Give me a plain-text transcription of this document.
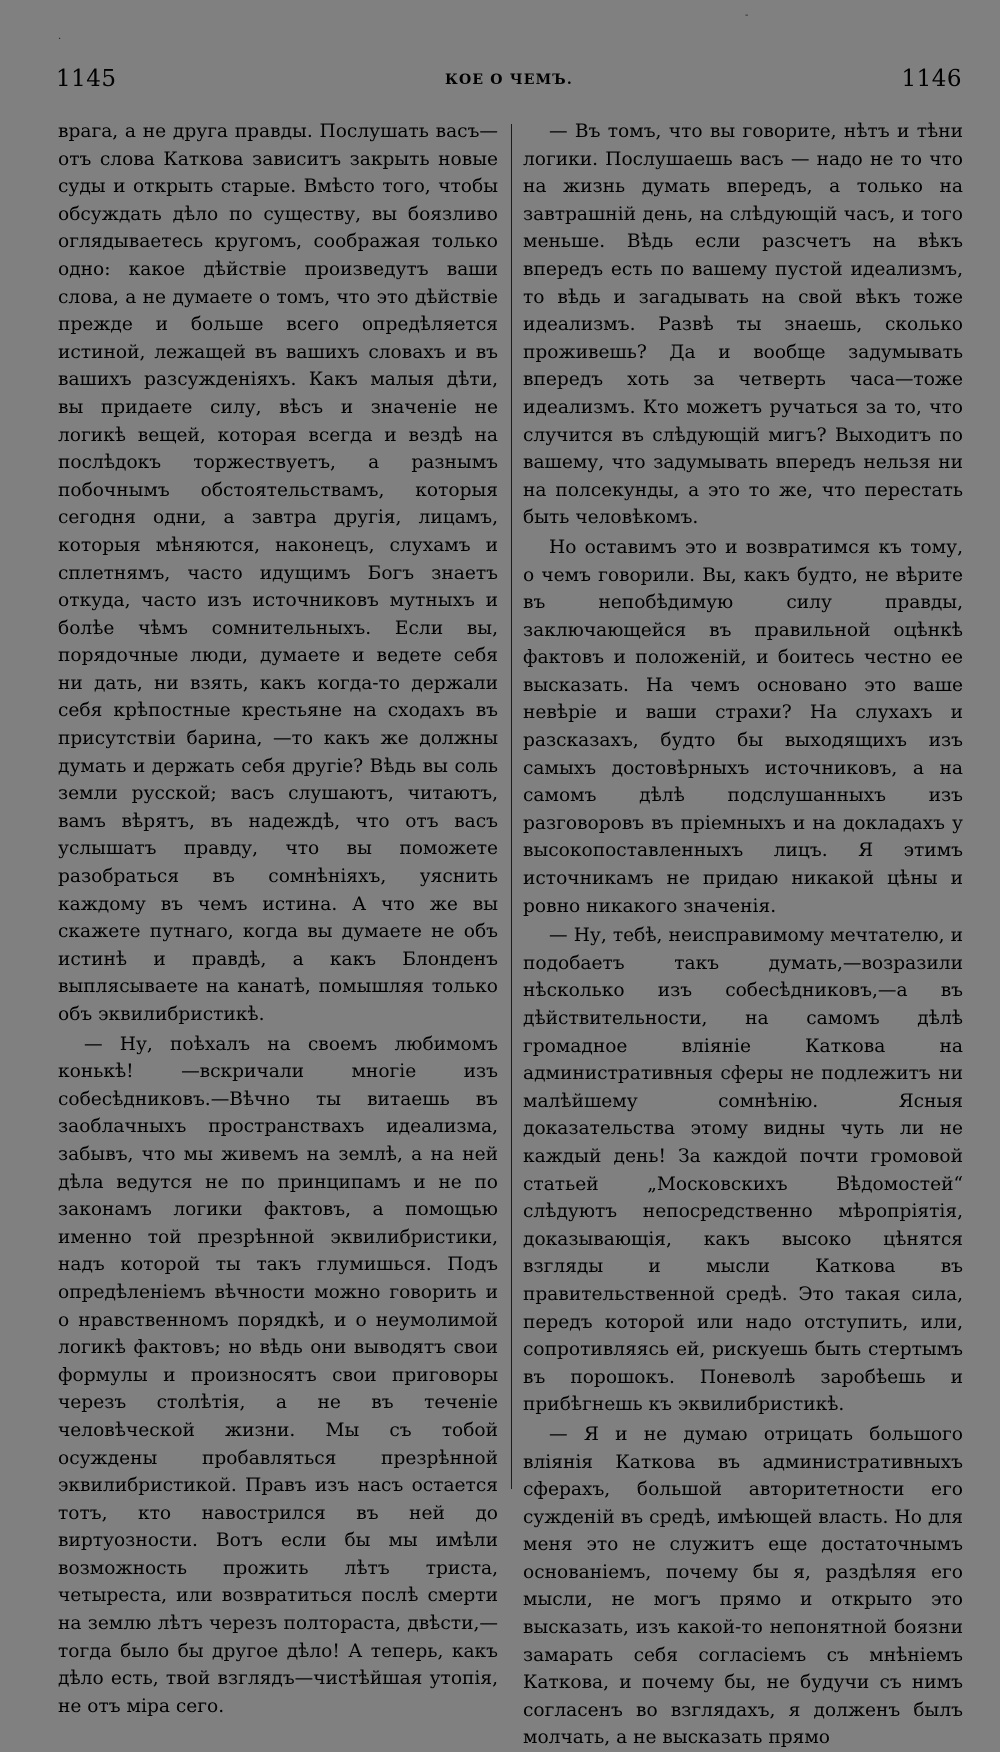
·
-
1145	КОЕ О ЧЕМЪ.	1146

врага, а не друга правды. Послушать васъ— отъ слова Каткова зависитъ закрыть новые суды и открыть старые. Вмѣсто того, чтобы обсуждать дѣло по существу, вы боязливо оглядываетесь кругомъ, соображая только одно: какое дѣйствіе произведутъ ваши слова, а не думаете о томъ, что это дѣйствіе прежде и больше всего опредѣляется истиной, лежащей въ вашихъ словахъ и въ вашихъ разсужденіяхъ. Какъ малыя дѣти, вы придаете силу, вѣсъ и значеніе не логикѣ вещей, которая всегда и вездѣ на послѣдокъ торжествуетъ, а разнымъ побочнымъ обстоятельствамъ, которыя сегодня одни, а завтра другія, лицамъ, которыя мѣняются, наконецъ, слухамъ и сплетнямъ, часто идущимъ Богъ знаетъ откуда, часто изъ источниковъ мутныхъ и болѣе чѣмъ сомнительныхъ. Если вы, порядочные люди, думаете и ведете себя ни дать, ни взять, какъ когда-то держали себя крѣпостные крестьяне на сходахъ въ присутствіи барина, —то какъ же должны думать и держать себя другіе? Вѣдь вы соль земли русской; васъ слушаютъ, читаютъ, вамъ вѣрятъ, въ надеждѣ, что отъ васъ услышатъ правду, что вы поможете разобраться въ сомнѣніяхъ, уяснить каждому въ чемъ истина. А что же вы скажете путнаго, когда вы думаете не объ истинѣ и правдѣ, а какъ Блонденъ выплясываете на канатѣ, помышляя только объ эквилибристикѣ.

— Ну, поѣхалъ на своемъ любимомъ конькѣ! —вскричали многіе изъ собесѣдниковъ.—Вѣчно ты витаешь въ заоблачныхъ пространствахъ идеализма, забывъ, что мы живемъ на землѣ, а на ней дѣла ведутся не по принципамъ и не по законамъ логики фактовъ, а помощью именно той презрѣнной эквилибристики, надъ которой ты такъ глумишься. Подъ опредѣленіемъ вѣчности можно говорить и о нравственномъ порядкѣ, и о неумолимой логикѣ фактовъ; но вѣдь они выводятъ свои формулы и произносятъ свои приговоры черезъ столѣтія, а не въ теченіе человѣческой жизни. Мы съ тобой осуждены пробавляться презрѣнной эквилибристикой. Правъ изъ насъ остается тотъ, кто навострился въ ней до виртуозности. Вотъ если бы мы имѣли возможность прожить лѣтъ триста, четыреста, или возвратиться послѣ смерти на землю лѣтъ черезъ полтораста, двѣсти,—тогда было бы другое дѣло! А теперь, какъ дѣло есть, твой взглядъ—чистѣйшая утопія, не отъ міра сего.

— Въ томъ, что вы говорите, нѣтъ и тѣни логики. Послушаешь васъ — надо не то что на жизнь думать впередъ, а только на завтрашній день, на слѣдующій часъ, и того меньше. Вѣдь если разсчетъ на вѣкъ впередъ есть по вашему пустой идеализмъ, то вѣдь и загадывать на свой вѣкъ тоже идеализмъ. Развѣ ты знаешь, сколько проживешь? Да и вообще задумывать впередъ хоть за четверть часа—тоже идеализмъ. Кто можетъ ручаться за то, что случится въ слѣдующій мигъ? Выходитъ по вашему, что задумывать впередъ нельзя ни на полсекунды, а это то же, что перестать быть человѣкомъ.

Но оставимъ это и возвратимся къ тому, о чемъ говорили. Вы, какъ будто, не вѣрите въ непобѣдимую силу правды, заключающейся въ правильной оцѣнкѣ фактовъ и положеній, и боитесь честно ее высказать. На чемъ основано это ваше невѣріе и ваши страхи? На слухахъ и разсказахъ, будто бы выходящихъ изъ самыхъ достовѣрныхъ источниковъ, а на самомъ дѣлѣ подслушанныхъ изъ разговоровъ въ пріемныхъ и на докладахъ у высокопоставленныхъ лицъ. Я этимъ источникамъ не придаю никакой цѣны и ровно никакого значенія.

— Ну, тебѣ, неисправимому мечтателю, и подобаетъ такъ думать,—возразили нѣсколько изъ собесѣдниковъ,—а въ дѣйствительности, на самомъ дѣлѣ громадное вліяніе Каткова на административныя сферы не подлежитъ ни малѣйшему сомнѣнію. Ясныя доказательства этому видны чуть ли не каждый день! За каждой почти громовой статьей „Московскихъ Вѣдомостей“ слѣдуютъ непосредственно мѣропріятія, доказывающія, какъ высоко цѣнятся взгляды и мысли Каткова въ правительственной средѣ. Это такая сила, передъ которой или надо отступить, или, сопротивляясь ей, рискуешь быть стертымъ въ порошокъ. Поневолѣ заробѣешь и прибѣгнешь къ эквилибристикѣ.

— Я и не думаю отрицать большого вліянія Каткова въ административныхъ сферахъ, большой авторитетности его сужденій въ средѣ, имѣющей власть. Но для меня это не служитъ еще достаточнымъ основаніемъ, почему бы я, раздѣляя его мысли, не могъ прямо и открыто это высказать, изъ какой-то непонятной боязни замарать себя согласіемъ съ мнѣніемъ Каткова, и почему бы, не будучи съ нимъ согласенъ во взглядахъ, я долженъ былъ молчать, а не высказать прямо
